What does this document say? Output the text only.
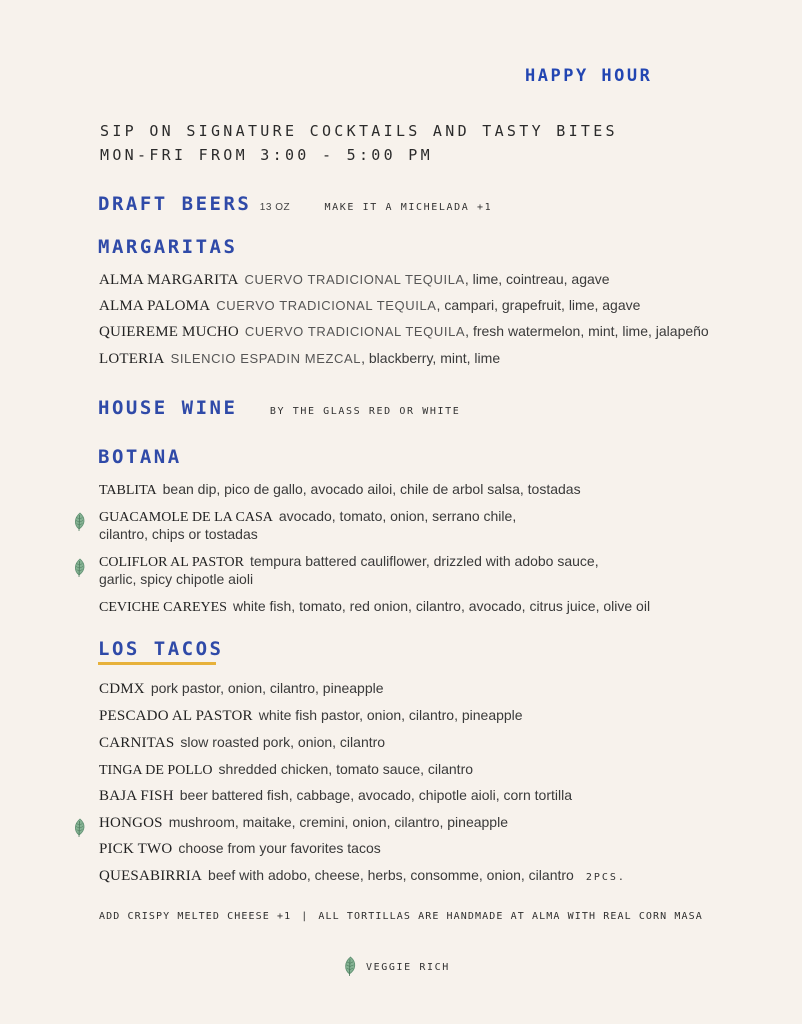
HAPPY HOUR
SIP ON SIGNATURE COCKTAILS AND TASTY BITES
MON-FRI FROM 3:00 - 5:00 PM
DRAFT BEERS 13 OZ	MAKE IT A MICHELADA +1
MARGARITAS
ALMA MARGARITA CUERVO TRADICIONAL TEQUILA, lime, cointreau, agave
ALMA PALOMA CUERVO TRADICIONAL TEQUILA, campari, grapefruit, lime, agave
QUIEREME MUCHO CUERVO TRADICIONAL TEQUILA, fresh watermelon, mint, lime, jalapeño
LOTERIA SILENCIO ESPADIN MEZCAL, blackberry, mint, lime
HOUSE WINE	BY THE GLASS RED OR WHITE
BOTANA
TABLITA bean dip, pico de gallo, avocado ailoi, chile de arbol salsa, tostadas
GUACAMOLE DE LA CASA avocado, tomato, onion, serrano chile,
cilantro, chips or tostadas
COLIFLOR AL PASTOR tempura battered cauliflower, drizzled with adobo sauce,
garlic, spicy chipotle aioli
CEVICHE CAREYES white fish, tomato, red onion, cilantro, avocado, citrus juice, olive oil
LOS TACOS
CDMX pork pastor, onion, cilantro, pineapple
PESCADO AL PASTOR white fish pastor, onion, cilantro, pineapple
CARNITAS slow roasted pork, onion, cilantro
TINGA DE POLLO shredded chicken, tomato sauce, cilantro
BAJA FISH beer battered fish, cabbage, avocado, chipotle aioli, corn tortilla
HONGOS mushroom, maitake, cremini, onion, cilantro, pineapple
PICK TWO choose from your favorites tacos
QUESABIRRIA beef with adobo, cheese, herbs, consomme, onion, cilantro 2PCS.
ADD CRISPY MELTED CHEESE +1 | ALL TORTILLAS ARE HANDMADE AT ALMA WITH REAL CORN MASA
VEGGIE RICH
